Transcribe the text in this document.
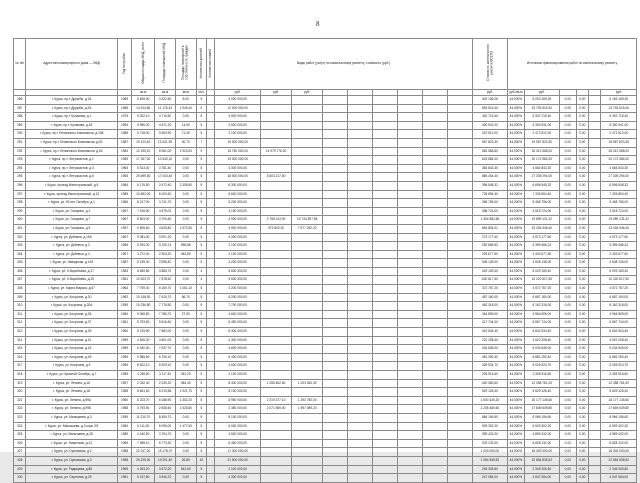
8
№ п/п	Адрес многоквартирного дома — МКД	Год постройки	Общая площадь МКД, всего	Площадь помещений МКД	Площадь помещений в собственности граждан	Количество жителей	Количество этажей	Виды работ (услуг) по капитальному ремонту, стоимость (руб.)									Стоимость капитального ремонта ВСЕГО	Источники финансирования работ по капитальному ремонту					
			кв.м	кв.м	кв.м	чел.		руб.	руб.	руб.							руб.	руб./кв.м	руб.				руб.
286	г. Курск, пр-т Дружбы, д.18	1969	5 626,40	3 422,50	8,00	5		4 000 000,00									402 106,26	44,000%	5 203 169,26	0,00	0,00		5 163 169,26
287	г. Курск, пр-т Дружбы, д.2А	1968	14 914,80	11 176,43	1 945,40	9		12 000 000,00									893 515,40	44,000%	13 793 515,40	0,00	0,00		13 793 515,40
288	г. Курск, пр-т Кулакова, д.1	1975	5 922,10	4 716,50	0,00	5		4 500 000,00									402 715,40	44,000%	5 302 715,40	0,00	0,00		5 302 715,40
289	г. Курск, пр-т Кулакова, д.18	1954	5 996,30	4 671,20	14,60	5		4 500 000,00									400 941,00	44,000%	5 300 941,00	0,00	0,00		5 300 941,00
290	г. Курск, пр-т Ленинского Комсомола, д.108	1988	6 718,00	3 963,90	71,40	5		2 100 000,00									322 512,00	44,000%	2 472 512,00	0,00	0,00		2 472 512,00
291	г. Курск, пр-т Ленинского Комсомола, д.52	1987	19 123,40	13 421,90	30,70	7		15 000 000,00									967 823,30	44,000%	15 967 823,30	0,00	0,00		15 967 823,30
292	г. Курск, пр-т Ленинского Комсомола, д.54	1984	12 195,10	8 961,00	2 923,00	9		15 750 000,00	14 979 776,20								563 568,80	44,000%	26 312 568,00	0,00	0,00		26 312 568,00
293	г. Курск, пр-т Энтузиастов, д.1	1969	17 157,00	10 540,10	0,00	5		19 000 000,00									623 584,00	44,000%	20 172 584,00	0,00	0,00		20 172 584,00
294	г. Курск, пр-т Энтузиастов, д.3	1965	5 513,40	3 781,40	0,00	5		4 300 000,00									364 843,30	44,000%	4 664 843,30	0,00	0,00		4 664 843,30
295	г. Курск, пр-т Энтузиастов, д.5	1965	29 699,50	17 043,40	0,00	5		18 000 000,00	8 503 217,60								866 404,40	44,000%	27 339 294,00	0,00	0,00		27 339 294,00
296	г. Курск, проезд Магистральный, д.5	1984	6 176,50	3 472,40	2 305,80	5		6 300 000,00									396 548,32	44,000%	6 696 548,32	0,00	0,00		6 696 548,32
297	г. Курск, проезд Магистральный, д.13	1985	10 652,00	8 100,60	0,00	5		6 600 000,00									725 894,40	44,000%	7 325 894,40	0,00	0,00		7 325 894,40
298	г. Курск, ул. 50 лет Октября, д.1	1966	8 217,00	3 741,70	0,00	5		5 200 000,00									268 756,00	44,000%	5 468 756,00	0,00	0,00		5 468 756,00
299	г. Курск, ул. Гагарина, д.2	1967	7 516,50	4 675,02	0,00	5		3 150 000,00									368 724,00	44,000%	3 518 724,00	0,00	0,00		3 518 724,00
300	г. Курск, ул. Гагарина, д.7	1967	8 503,00	4 700,60	0,00	5		4 900 000,00	2 758 313,00	10 743 897,56							1 354 852,66	44,000%	19 659 131,22	0,00	0,00		19 659 131,22
301	г. Курск, ул. Гагарина, д.9	1957	9 505,60	4 626,80	1 572,50	5		4 900 000,00	973 802,20	7 577 252,20							663 834,01	44,000%	13 434 546,40	0,00	0,00		13 434 546,40
302	г. Курск, ул. Дейнеки, д.19А	1967	9 081,00	3 921,20	0,00	5		4 300 000,00									273 177,60	44,000%	4 573 177,60	0,00	0,00		4 573 177,60
303	г. Курск, ул. Дейнеки, д.2	1966	5 294,30	3 225,74	958,88	5		2 100 000,00									252 666,52	44,000%	5 399 466,24	0,00	0,00		5 399 466,24
304	г. Курск, ул. Дейнеки, д.4	1967	3 272,40	2 503,20	362,80	5		2 100 000,00									293 677,60	44,000%	2 403 677,60	0,00	0,00		2 403 677,60
305	г. Курск, ул. Заводская, д.41б	1987	5 195,40	3 998,40	0,00	5		4 200 000,00									348 136,00	44,000%	4 548 136,00	0,00	0,00		4 548 136,00
306	г. Курск, ул. К.Воробьёва, д.17	1983	8 849,80	3 885,70	0,00	4		5 600 000,00									429 159,40	44,000%	6 029 159,40	0,00	0,00		6 029 159,40
307	г. Курск, ул. К.Воробьёва, д.25	1961	10 623,70	7 678,60	0,00	4		9 600 000,00									620 617,50	44,000%	10 220 617,50	0,00	0,00		10 220 617,50
308	г. Курск, ул. Карла Маркса, д.67	1964	7 769,40	5 169,70	1 061,10	5		4 200 000,00									372 767,20	44,000%	4 572 767,20	0,00	0,00		4 572 767,20
309	г. Курск, ул. Косухина, д.20	1962	10 148,00	7 615,70	86,70	5		6 200 000,00									487 160,00	44,000%	6 687 160,00	0,00	0,00		6 687 160,00
310	г. Курск, ул. Косухина, д.20А	1959	10 236,80	7 778,50	0,00	5		7 700 000,00									462 318,00	44,000%	8 162 318,00	0,00	0,00		8 162 318,00
311	г. Курск, ул. Косухина, д.35	1960	9 065,80	7 786,70	27,50	5		4 600 000,00									364 899,00	44,000%	4 964 899,00	0,00	0,00		4 964 899,00
312	г. Курск, ул. Косухина, д.37	1961	5 793,60	5 816,60	0,00	5		6 450 000,00									417 744,00	44,000%	6 867 744,00	0,00	0,00		6 867 744,00
313	г. Курск, ул. Косухина, д.39	1960	9 215,80	7 862,00	0,00	5		6 400 000,00									442 534,40	44,000%	6 842 534,40	0,00	0,00		6 842 534,40
314	г. Курск, ул. Косухина, д.41	1959	4 826,30	3 801,00	0,00	5		4 300 000,00									222 208,40	44,000%	4 522 208,40	0,00	0,00		4 522 208,40
315	г. Курск, ул. Косухина, д.43	1959	6 180,00	7 637,70	0,00	5		4 600 000,00									434 845,00	44,000%	5 034 845,00	0,00	0,00		5 034 845,00
316	г. Курск, ул. Косухина, д.45	1959	9 585,60	6 706,10	0,00	5		6 400 000,00									481 250,40	44,000%	6 881 250,40	0,00	0,00		6 881 250,40
317	г. Курск, ул. Косухина, д.9	1959	8 622,10	5 929,10	0,00	5		4 600 000,00									426 924,70	44,000%	5 026 924,70	0,00	0,00		5 026 924,70
318	г. Курск, ул. Красной Октябрь, д.7	1959	4 236,60	3 117,40	351,20	5		2 100 000,00									205 916,60	44,000%	2 305 916,60	0,00	0,00		2 305 916,60
319	г. Курск, ул. Ленина, д.16	1957	2 032,40	2 039,20	384,40	5		8 400 000,00	1 285 462,60	1 203 540,30							420 080,60	44,000%	12 358 781,00	0,00	0,00		12 358 781,00
320	г. Курск, ул. Ленина, д.18	1958	8 661,60	8 219,58	1 921,70	5		5 100 000,00									529 126,40	44,000%	5 629 126,40	0,00	0,00		5 629 126,40
321	г. Курск, ул. Ленина, д.99А	1960	6 223,70	5 188,90	1 302,20	5		8 950 000,00	2 219 377,10	1 293 780,00							1 600 426,20	44,000%	16 177 145,60	0,00	0,00		16 177 145,60
322	г. Курск, ул. Ленина, д.99Б	1958	3 793,50	2 608,50	1 525,80	5		2 350 000,00	2 071 569,00	1 597 089,20							1 208 480,60	44,000%	17 849 639,80	0,00	0,00		17 849 639,80
323	г. Курск, ул. Малышева, д.3	1959	11 210,70	8 450,70	0,00	5		8 100 000,00									866 196,60	44,000%	8 966 196,60	0,00	0,00		8 966 196,60
324	г. Курск, ул. Малышева, д.3 корп.3Э	1960	6 111,00	5 095,00	1 477,50	5		6 000 000,00									509 302,20	44,000%	6 509 302,20	0,00	0,00		6 509 302,20
325	г. Курск, ул. Малышева, д.28	1989	4 440,50	3 754,70	0,00	5		4 500 000,00									359 432,00	44,000%	4 859 432,00	0,00	0,00		4 859 432,00
326	г. Курск, ул. Никитская, д.12	1965	7 698,10	5 773,30	0,00	5		6 450 000,00									378 132,00	44,000%	6 828 132,00	0,00	0,00		6 828 132,00
327	г. Курск, ул. Орловская, д.2	1958	22 147,20	15 178,70	0,00	5		17 300 000,00									1 003 000,00	44,000%	18 303 000,00	0,00	0,00		18 303 000,00
328	г. Курск, ул. Орловская, д.3	1958	26 225,20	19 201,40	26,80	10		21 500 000,00									1 354 835,52	44,000%	22 854 835,52	0,00	0,00		22 854 835,52
329	г. Курск, ул. Радищева, д.86	1965	4 263,20	3 672,20	542,60	5		2 100 000,00									245 305,60	44,000%	2 345 305,60	0,00	0,00		2 345 305,60
330	г. Курск, ул. Серегина, д.29	1981	5 157,80	3 846,70	0,00	5		4 300 000,00									247 084,00	44,000%	4 547 084,00	0,00	0,00		4 547 084,00
